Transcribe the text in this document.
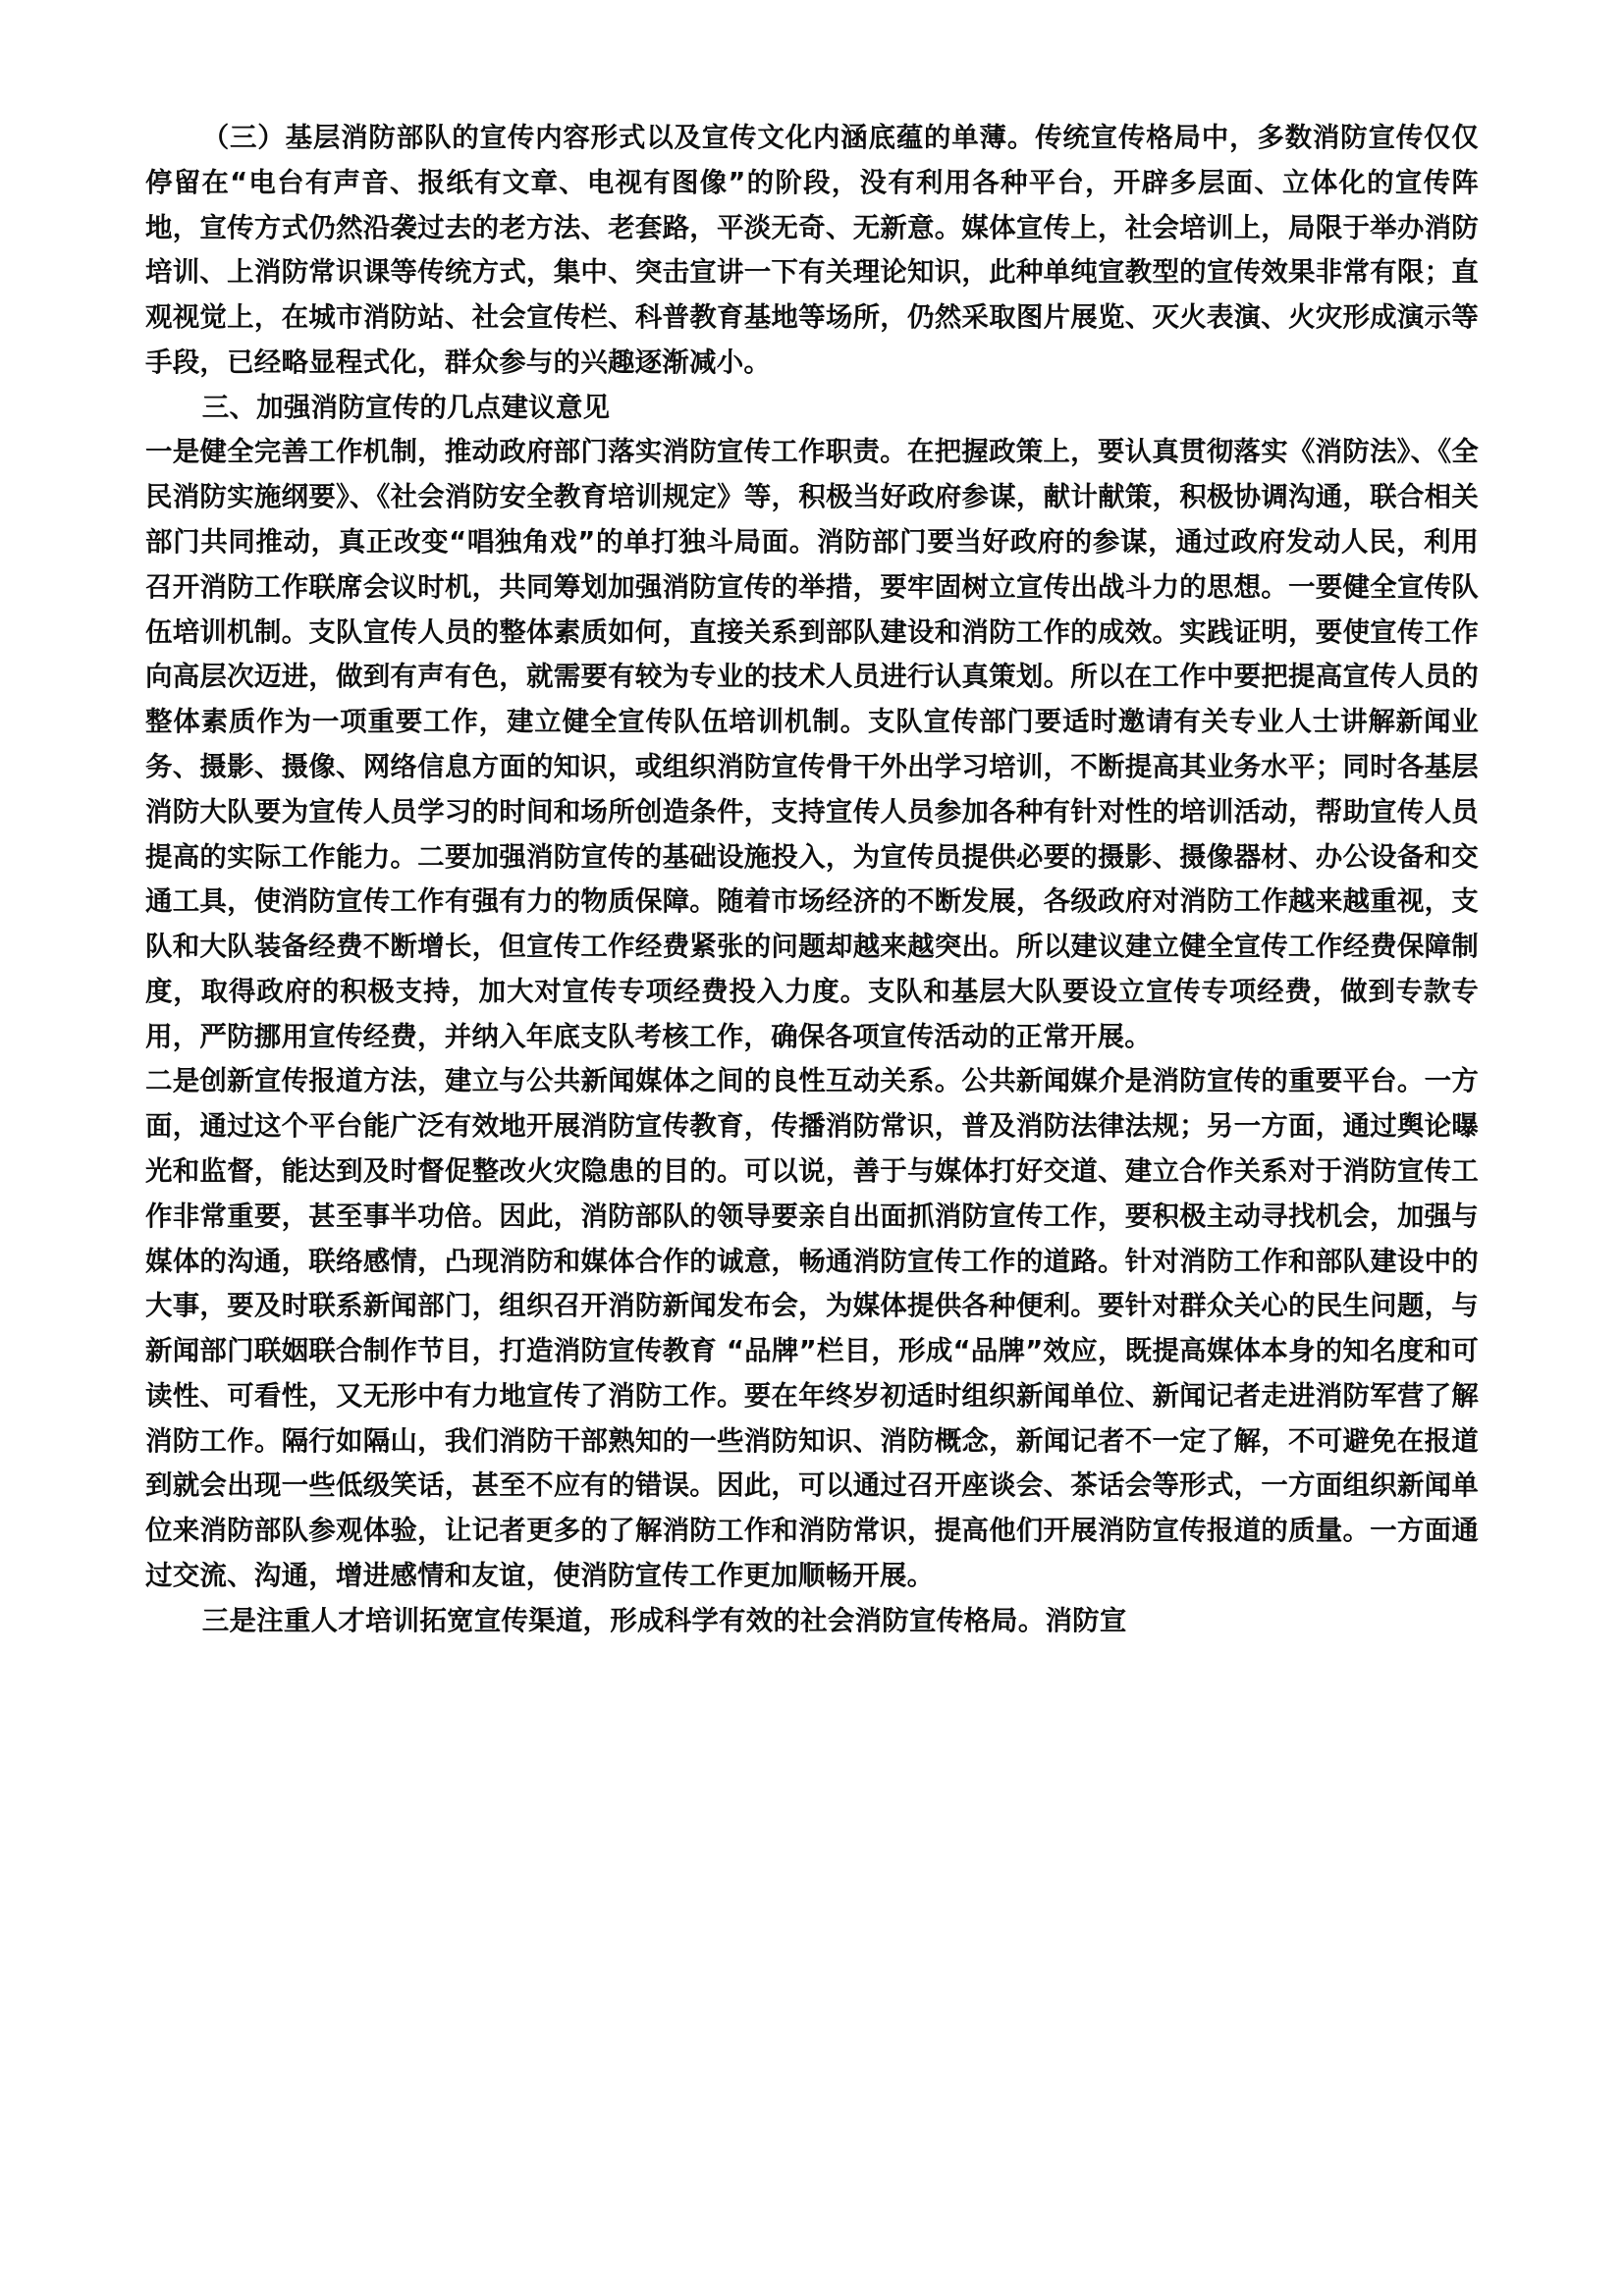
（三）基层消防部队的宣传内容形式以及宣传文化内涵底蕴的单薄。传统宣传格局中，多数消防宣传仅仅停留在“电台有声音、报纸有文章、电视有图像”的阶段，没有利用各种平台，开辟多层面、立体化的宣传阵地，宣传方式仍然沿袭过去的老方法、老套路，平淡无奇、无新意。媒体宣传上，社会培训上，局限于举办消防培训、上消防常识课等传统方式，集中、突击宣讲一下有关理论知识，此种单纯宣教型的宣传效果非常有限；直观视觉上，在城市消防站、社会宣传栏、科普教育基地等场所，仍然采取图片展览、灭火表演、火灾形成演示等手段，已经略显程式化，群众参与的兴趣逐渐减小。

三、加强消防宣传的几点建议意见

一是健全完善工作机制，推动政府部门落实消防宣传工作职责。在把握政策上，要认真贯彻落实《消防法》、《全民消防实施纲要》、《社会消防安全教育培训规定》等，积极当好政府参谋，献计献策，积极协调沟通，联合相关部门共同推动，真正改变“唱独角戏”的单打独斗局面。消防部门要当好政府的参谋，通过政府发动人民，利用召开消防工作联席会议时机，共同筹划加强消防宣传的举措，要牢固树立宣传出战斗力的思想。一要健全宣传队伍培训机制。支队宣传人员的整体素质如何，直接关系到部队建设和消防工作的成效。实践证明，要使宣传工作向高层次迈进，做到有声有色，就需要有较为专业的技术人员进行认真策划。所以在工作中要把提高宣传人员的整体素质作为一项重要工作，建立健全宣传队伍培训机制。支队宣传部门要适时邀请有关专业人士讲解新闻业务、摄影、摄像、网络信息方面的知识，或组织消防宣传骨干外出学习培训，不断提高其业务水平；同时各基层消防大队要为宣传人员学习的时间和场所创造条件，支持宣传人员参加各种有针对性的培训活动，帮助宣传人员提高的实际工作能力。二要加强消防宣传的基础设施投入，为宣传员提供必要的摄影、摄像器材、办公设备和交通工具，使消防宣传工作有强有力的物质保障。随着市场经济的不断发展，各级政府对消防工作越来越重视，支队和大队装备经费不断增长，但宣传工作经费紧张的问题却越来越突出。所以建议建立健全宣传工作经费保障制度，取得政府的积极支持，加大对宣传专项经费投入力度。支队和基层大队要设立宣传专项经费，做到专款专用，严防挪用宣传经费，并纳入年底支队考核工作，确保各项宣传活动的正常开展。

二是创新宣传报道方法，建立与公共新闻媒体之间的良性互动关系。公共新闻媒介是消防宣传的重要平台。一方面，通过这个平台能广泛有效地开展消防宣传教育，传播消防常识，普及消防法律法规；另一方面，通过舆论曝光和监督，能达到及时督促整改火灾隐患的目的。可以说，善于与媒体打好交道、建立合作关系对于消防宣传工作非常重要，甚至事半功倍。因此，消防部队的领导要亲自出面抓消防宣传工作，要积极主动寻找机会，加强与媒体的沟通，联络感情，凸现消防和媒体合作的诚意，畅通消防宣传工作的道路。针对消防工作和部队建设中的大事，要及时联系新闻部门，组织召开消防新闻发布会，为媒体提供各种便利。要针对群众关心的民生问题，与新闻部门联姻联合制作节目，打造消防宣传教育 “品牌”栏目，形成“品牌”效应，既提高媒体本身的知名度和可读性、可看性，又无形中有力地宣传了消防工作。要在年终岁初适时组织新闻单位、新闻记者走进消防军营了解消防工作。隔行如隔山，我们消防干部熟知的一些消防知识、消防概念，新闻记者不一定了解，不可避免在报道到就会出现一些低级笑话，甚至不应有的错误。因此，可以通过召开座谈会、茶话会等形式，一方面组织新闻单位来消防部队参观体验，让记者更多的了解消防工作和消防常识，提高他们开展消防宣传报道的质量。一方面通过交流、沟通，增进感情和友谊，使消防宣传工作更加顺畅开展。

三是注重人才培训拓宽宣传渠道，形成科学有效的社会消防宣传格局。消防宣
